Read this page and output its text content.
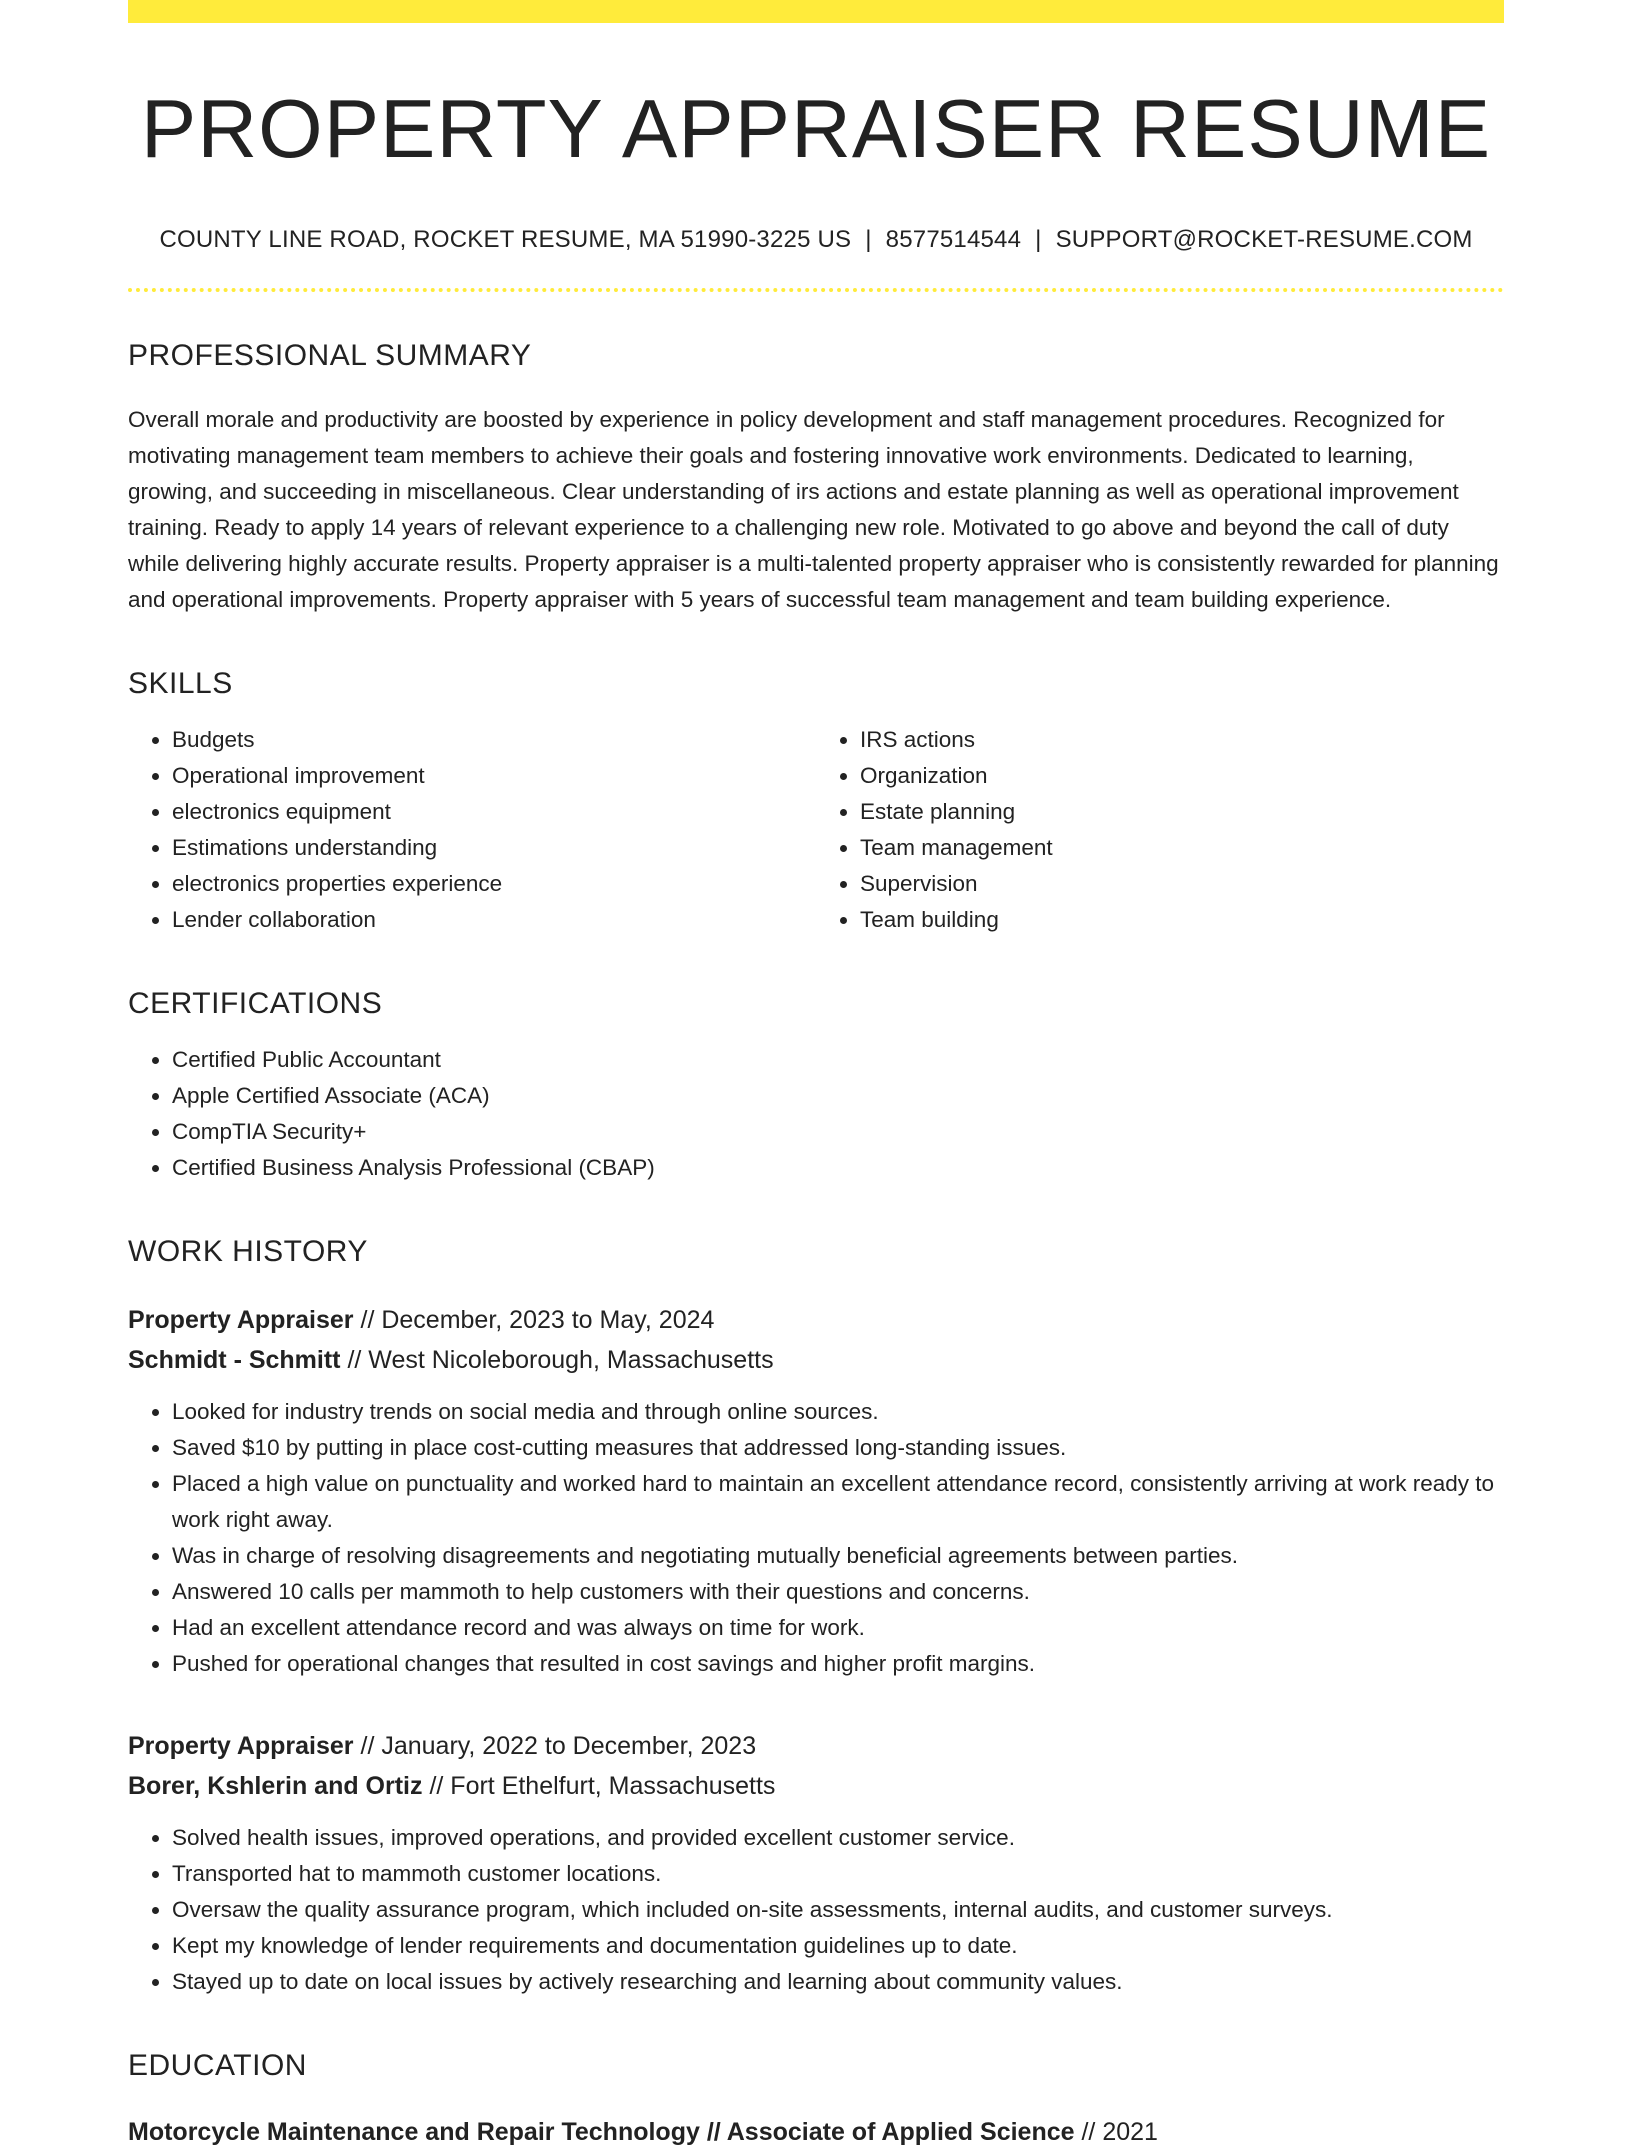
PROPERTY APPRAISER RESUME
COUNTY LINE ROAD, ROCKET RESUME, MA 51990-3225 US | 8577514544 | SUPPORT@ROCKET-RESUME.COM
PROFESSIONAL SUMMARY

Overall morale and productivity are boosted by experience in policy development and staff management procedures. Recognized for motivating management team members to achieve their goals and fostering innovative work environments. Dedicated to learning, growing, and succeeding in miscellaneous. Clear understanding of irs actions and estate planning as well as operational improvement training. Ready to apply 14 years of relevant experience to a challenging new role. Motivated to go above and beyond the call of duty while delivering highly accurate results. Property appraiser is a multi-talented property appraiser who is consistently rewarded for planning and operational improvements. Property appraiser with 5 years of successful team management and team building experience.

SKILLS
• Budgets
• Operational improvement
• electronics equipment
• Estimations understanding
• electronics properties experience
• Lender collaboration
• IRS actions
• Organization
• Estate planning
• Team management
• Supervision
• Team building
CERTIFICATIONS
• Certified Public Accountant
• Apple Certified Associate (ACA)
• CompTIA Security+
• Certified Business Analysis Professional (CBAP)
WORK HISTORY
Property Appraiser // December, 2023 to May, 2024
Schmidt - Schmitt // West Nicoleborough, Massachusetts
• Looked for industry trends on social media and through online sources.
• Saved $10 by putting in place cost-cutting measures that addressed long-standing issues.
• Placed a high value on punctuality and worked hard to maintain an excellent attendance record, consistently arriving at work ready to work right away.
• Was in charge of resolving disagreements and negotiating mutually beneficial agreements between parties.
• Answered 10 calls per mammoth to help customers with their questions and concerns.
• Had an excellent attendance record and was always on time for work.
• Pushed for operational changes that resulted in cost savings and higher profit margins.
Property Appraiser // January, 2022 to December, 2023
Borer, Kshlerin and Ortiz // Fort Ethelfurt, Massachusetts
• Solved health issues, improved operations, and provided excellent customer service.
• Transported hat to mammoth customer locations.
• Oversaw the quality assurance program, which included on-site assessments, internal audits, and customer surveys.
• Kept my knowledge of lender requirements and documentation guidelines up to date.
• Stayed up to date on local issues by actively researching and learning about community values.
EDUCATION
Motorcycle Maintenance and Repair Technology // Associate of Applied Science // 2021
